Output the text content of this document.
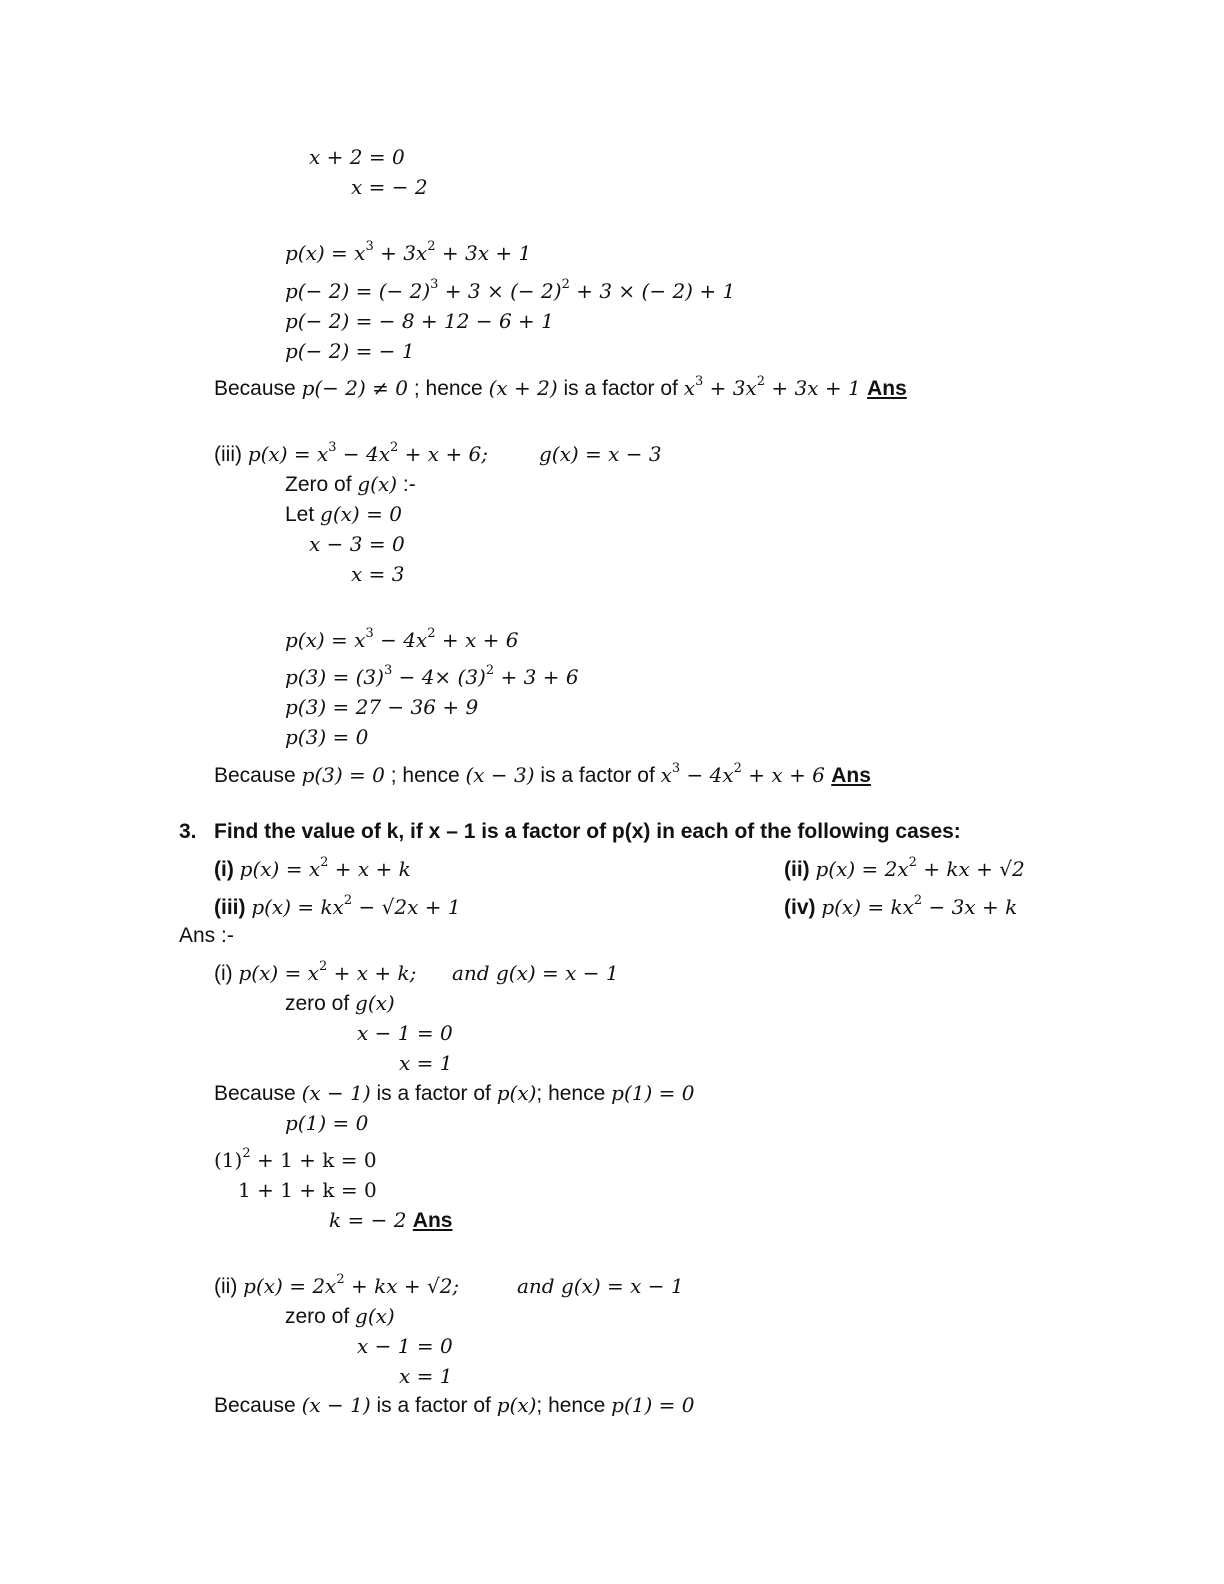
x + 2 = 0
x = − 2
$p(x) = x^3 + 3x^2 + 3x + 1$
p(− 2) = (− 2)$^3$ + 3 × (− 2)$^2$ + 3 × (− 2) + 1
p(− 2) = − 8 + 12 − 6 + 1
p(− 2) = − 1
Because p(− 2) ≠ 0 ; hence (x + 2) is a factor of $x^3 + 3x^2 + 3x + 1$ Ans
(iii) $p(x) = x^3 - 4x^2 + x + 6$;	g(x) = x − 3
Zero of g(x) :-
Let g(x) = 0
x − 3 = 0
x = 3
$p(x) = x^3 - 4x^2 + x + 6$
$p(3) = (3)^3 - 4\times (3)^2 + 3 + 6$
p(3) = 27 − 36 + 9
p(3) = 0
Because p(3) = 0 ; hence (x − 3) is a factor of $x^3 - 4x^2 + x + 6$ Ans
3. Find the value of k, if x – 1 is a factor of p(x) in each of the following cases:
(i) $p(x) = x^2 + x + k$	(ii) $p(x) = 2x^2$ + kx + √2
(iii) $p(x) = kx^2 - √2x + 1$	(iv) $p(x) = kx^2 - 3x + k$
Ans :-
(i) $p(x) = x^2 + x + k$; and g(x) = x − 1
zero of g(x)
x − 1 = 0
x = 1
Because (x − 1) is a factor of p(x); hence p(1) = 0
p(1) = 0
$(1)^2 + 1 + k = 0$
1 + 1 + k = 0
k = − 2 Ans
(ii) $p(x) = 2x^2$ + kx + √2;	and g(x) = x − 1
zero of g(x)
x − 1 = 0
x = 1
Because (x − 1) is a factor of p(x); hence p(1) = 0
